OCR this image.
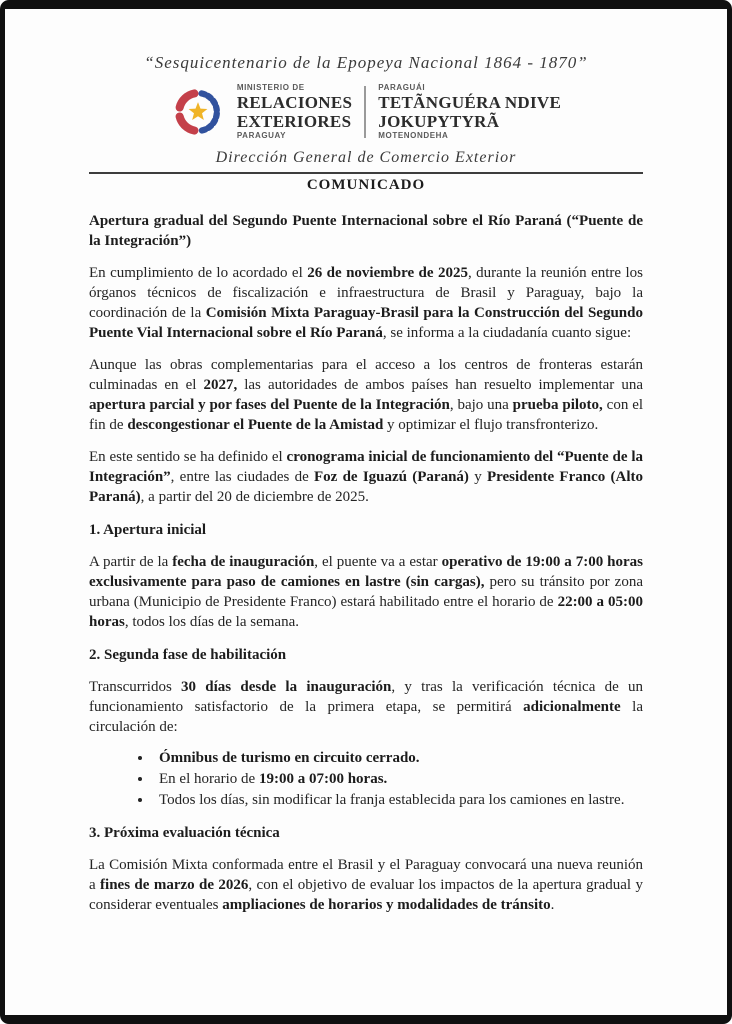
“Sesquicentenario de la Epopeya Nacional 1864 - 1870”
MINISTERIO DE
RELACIONES
EXTERIORES
PARAGUAY
PARAGUÁI
TETÃNGUÉRA NDIVE
JOKUPYTYRÃ
MOTENONDEHA
Dirección General de Comercio Exterior
COMUNICADO
Apertura gradual del Segundo Puente Internacional sobre el Río Paraná (“Puente de la Integración”)

En cumplimiento de lo acordado el 26 de noviembre de 2025, durante la reunión entre los órganos técnicos de fiscalización e infraestructura de Brasil y Paraguay, bajo la coordinación de la Comisión Mixta Paraguay-Brasil para la Construcción del Segundo Puente Vial Internacional sobre el Río Paraná, se informa a la ciudadanía cuanto sigue:

Aunque las obras complementarias para el acceso a los centros de fronteras estarán culminadas en el 2027, las autoridades de ambos países han resuelto implementar una apertura parcial y por fases del Puente de la Integración, bajo una prueba piloto, con el fin de descongestionar el Puente de la Amistad y optimizar el flujo transfronterizo.

En este sentido se ha definido el cronograma inicial de funcionamiento del “Puente de la Integración”, entre las ciudades de Foz de Iguazú (Paraná) y Presidente Franco (Alto Paraná), a partir del 20 de diciembre de 2025.

1. Apertura inicial

A partir de la fecha de inauguración, el puente va a estar operativo de 19:00 a 7:00 horas exclusivamente para paso de camiones en lastre (sin cargas), pero su tránsito por zona urbana (Municipio de Presidente Franco) estará habilitado entre el horario de 22:00 a 05:00 horas, todos los días de la semana.

2. Segunda fase de habilitación

Transcurridos 30 días desde la inauguración, y tras la verificación técnica de un funcionamiento satisfactorio de la primera etapa, se permitirá adicionalmente la circulación de:

• Ómnibus de turismo en circuito cerrado.
• En el horario de 19:00 a 07:00 horas.
• Todos los días, sin modificar la franja establecida para los camiones en lastre.
3. Próxima evaluación técnica

La Comisión Mixta conformada entre el Brasil y el Paraguay convocará una nueva reunión a fines de marzo de 2026, con el objetivo de evaluar los impactos de la apertura gradual y considerar eventuales ampliaciones de horarios y modalidades de tránsito.
